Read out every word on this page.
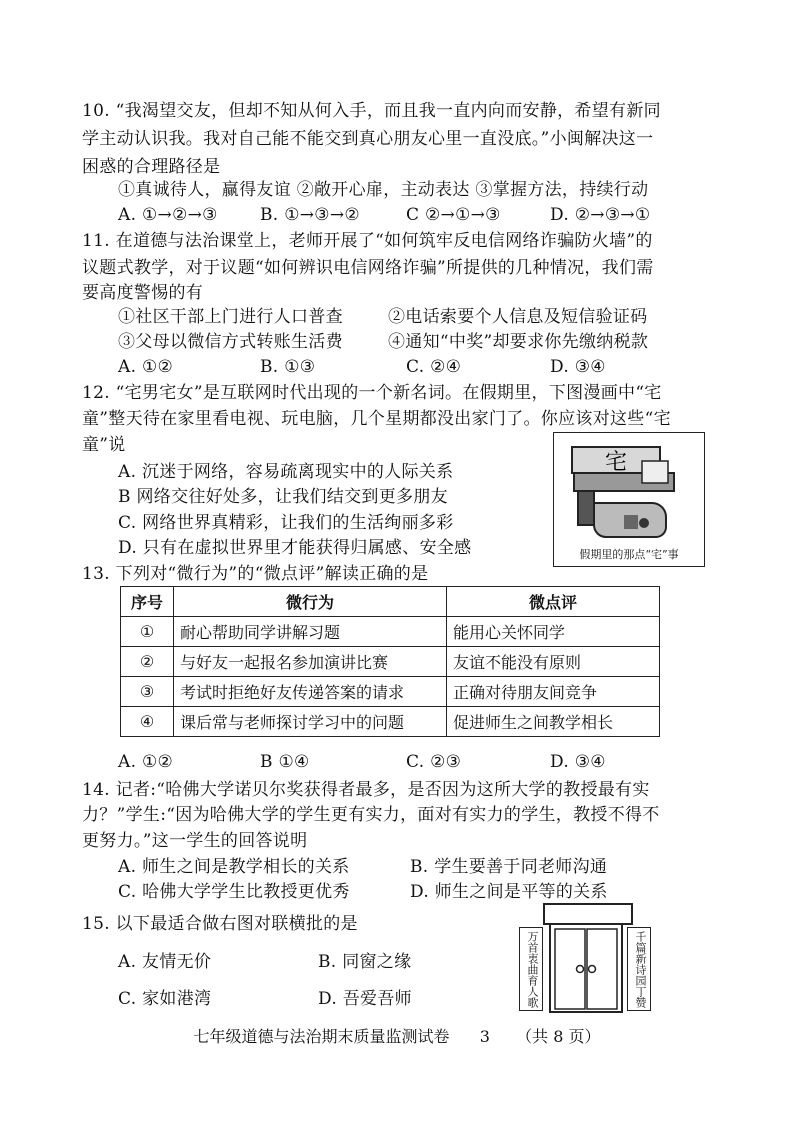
10. “我渴望交友，但却不知从何入手，而且我一直内向而安静，希望有新同
学主动认识我。我对自己能不能交到真心朋友心里一直没底。”小闽解决这一
困惑的合理路径是
①真诚待人，赢得友谊 ②敞开心扉，主动表达 ③掌握方法，持续行动
A. ①→②→③ B. ①→③→②	C ②→①→③	D. ②→③→①
11. 在道德与法治课堂上，老师开展了“如何筑牢反电信网络诈骗防火墙”的
议题式教学，对于议题“如何辨识电信网络诈骗”所提供的几种情况，我们需
要高度警惕的有
①社区干部上门进行人口普查	②电话索要个人信息及短信验证码
③父母以微信方式转账生活费	④通知“中奖”却要求你先缴纳税款
A. ①②	B. ①③	C. ②④	D. ③④
12. “宅男宅女”是互联网时代出现的一个新名词。在假期里，下图漫画中“宅
童”整天待在家里看电视、玩电脑，几个星期都没出家门了。你应该对这些“宅
童”说
A. 沉迷于网络，容易疏离现实中的人际关系
B 网络交往好处多，让我们结交到更多朋友
C. 网络世界真精彩，让我们的生活绚丽多彩
D. 只有在虚拟世界里才能获得归属感、安全感
宅
假期里的那点“宅”事
13. 下列对“微行为”的“微点评”解读正确的是
序号	微行为	微点评
①	耐心帮助同学讲解习题	能用心关怀同学
②	与好友一起报名参加演讲比赛	友谊不能没有原则
③	考试时拒绝好友传递答案的请求	正确对待朋友间竞争
④	课后常与老师探讨学习中的问题	促进师生之间教学相长
A. ①②	B ①④	C. ②③	D. ③④
14. 记者:“哈佛大学诺贝尔奖获得者最多，是否因为这所大学的教授最有实
力？”学生:“因为哈佛大学的学生更有实力，面对有实力的学生，教授不得不
更努力。”这一学生的回答说明
A. 师生之间是教学相长的关系	B. 学生要善于同老师沟通
C. 哈佛大学学生比教授更优秀	D. 师生之间是平等的关系
15. 以下最适合做右图对联横批的是
A. 友情无价	B. 同窗之缘
C. 家如港湾	D. 吾爱吾师	万首衷曲育人歌	千篇新诗园丁赞
七年级道德与法治期末质量监测试卷 3 （共 8 页）
